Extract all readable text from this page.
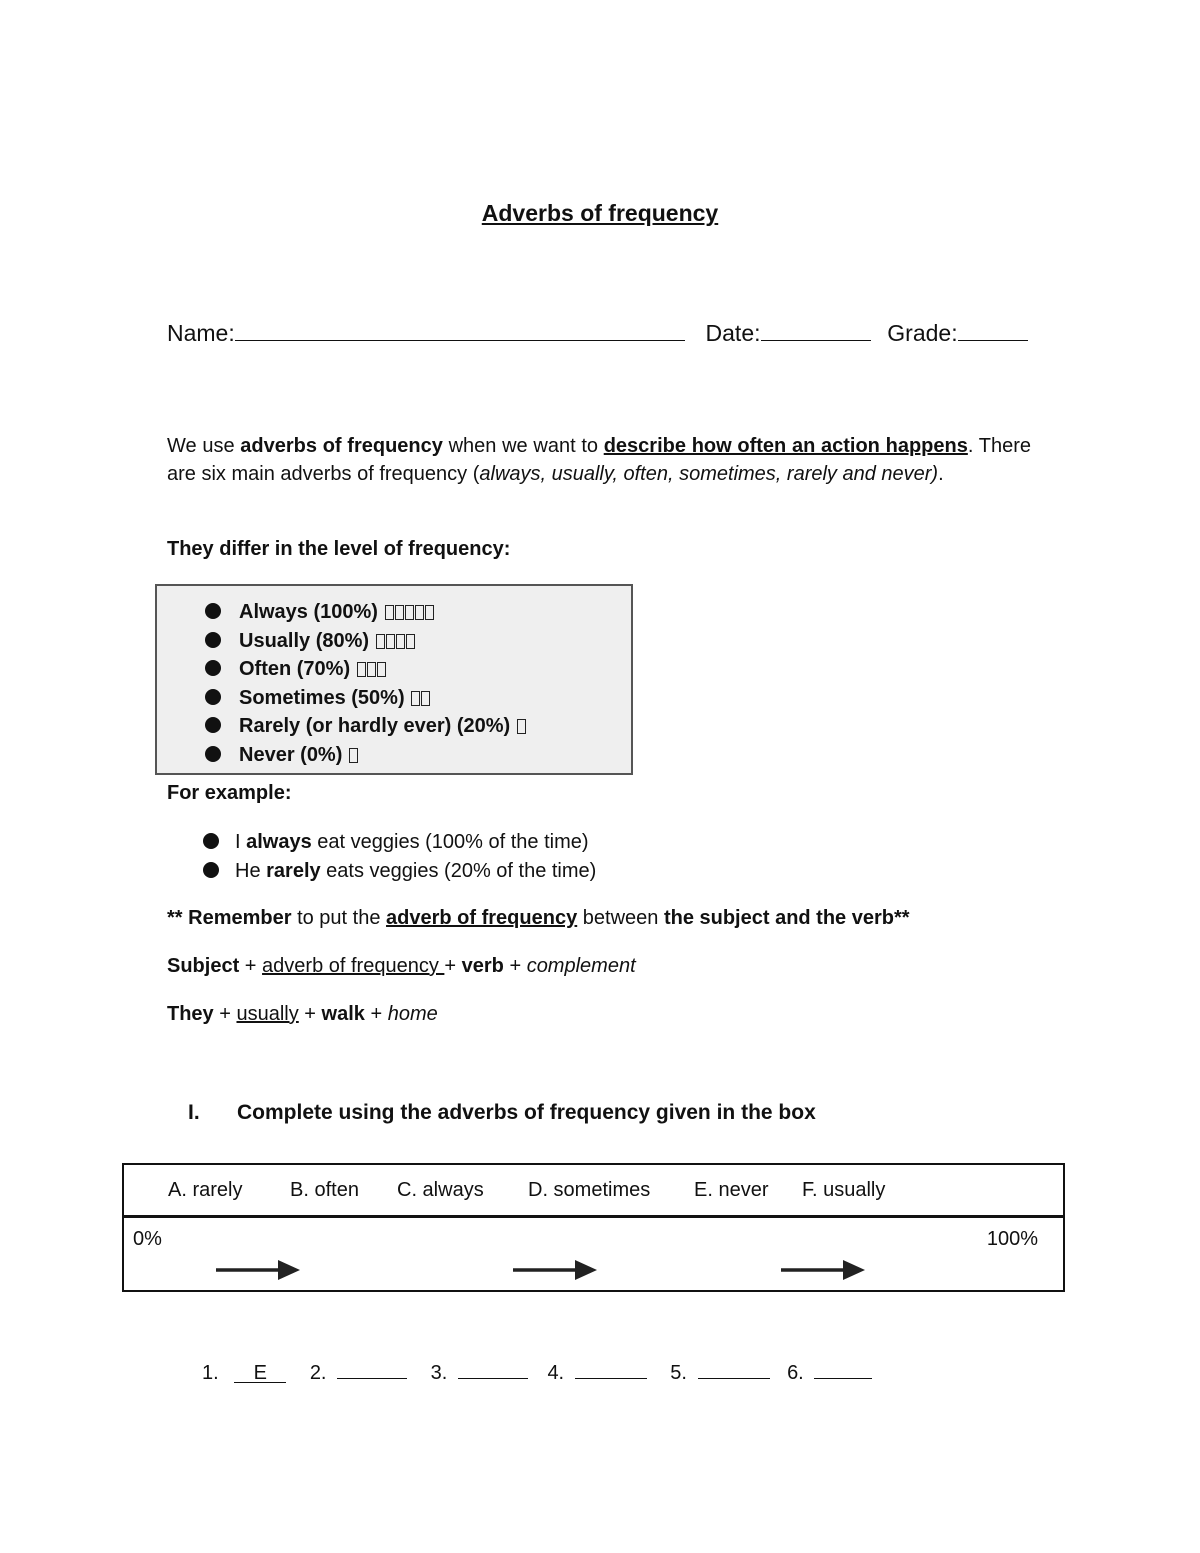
Adverbs of frequency
Name:	Date:	Grade:
We use adverbs of frequency when we want to describe how often an action happens. There are six main adverbs of frequency (always, usually, often, sometimes, rarely and never).
They differ in the level of frequency:
Always (100%)
Usually (80%)
Often (70%)
Sometimes (50%)
Rarely (or hardly ever) (20%)
Never (0%)
For example:
I always eat veggies (100% of the time)
He rarely eats veggies (20% of the time)
** Remember to put the adverb of frequency between the subject and the verb**
Subject + adverb of frequency + verb + complement
They + usually + walk + home
I. Complete using the adverbs of frequency given in the box
A. rarely B. often C. always D. sometimes E. never F. usually
0%	100%
1. E 2.	3.	4.	5.	6.
